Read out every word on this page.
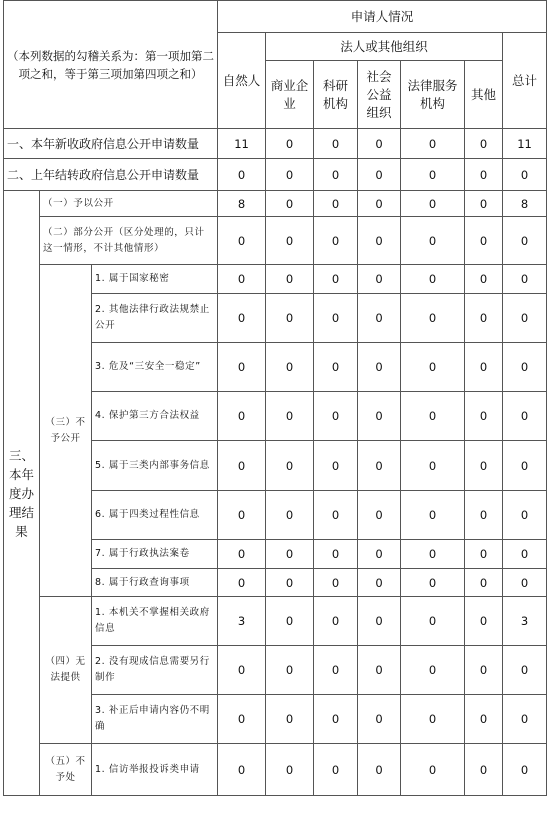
（本列数据的勾稽关系为：第一项加第二项之和，等于第三项加第四项之和）			申请人情况						
			自然人	法人或其他组织					总计
				商业企业	科研机构	社会公益组织	法律服务机构	其他	
一、本年新收政府信息公开申请数量			11	0	0	0	0	0	11
二、上年结转政府信息公开申请数量			0	0	0	0	0	0	0
三、本年度办理结果	（一）予以公开		8	0	0	0	0	0	8
	（二）部分公开（区分处理的，只计这一情形，不计其他情形）		0	0	0	0	0	0	0
	（三）不予公开	1. 属于国家秘密	0	0	0	0	0	0	0
		2. 其他法律行政法规禁止公开	0	0	0	0	0	0	0
		3. 危及“三安全一稳定”	0	0	0	0	0	0	0
		4. 保护第三方合法权益	0	0	0	0	0	0	0
		5. 属于三类内部事务信息	0	0	0	0	0	0	0
		6. 属于四类过程性信息	0	0	0	0	0	0	0
		7. 属于行政执法案卷	0	0	0	0	0	0	0
		8. 属于行政查询事项	0	0	0	0	0	0	0
	（四）无法提供	1. 本机关不掌握相关政府信息	3	0	0	0	0	0	3
		2. 没有现成信息需要另行制作	0	0	0	0	0	0	0
		3. 补正后申请内容仍不明确	0	0	0	0	0	0	0
	（五）不予处	1. 信访举报投诉类申请	0	0	0	0	0	0	0
